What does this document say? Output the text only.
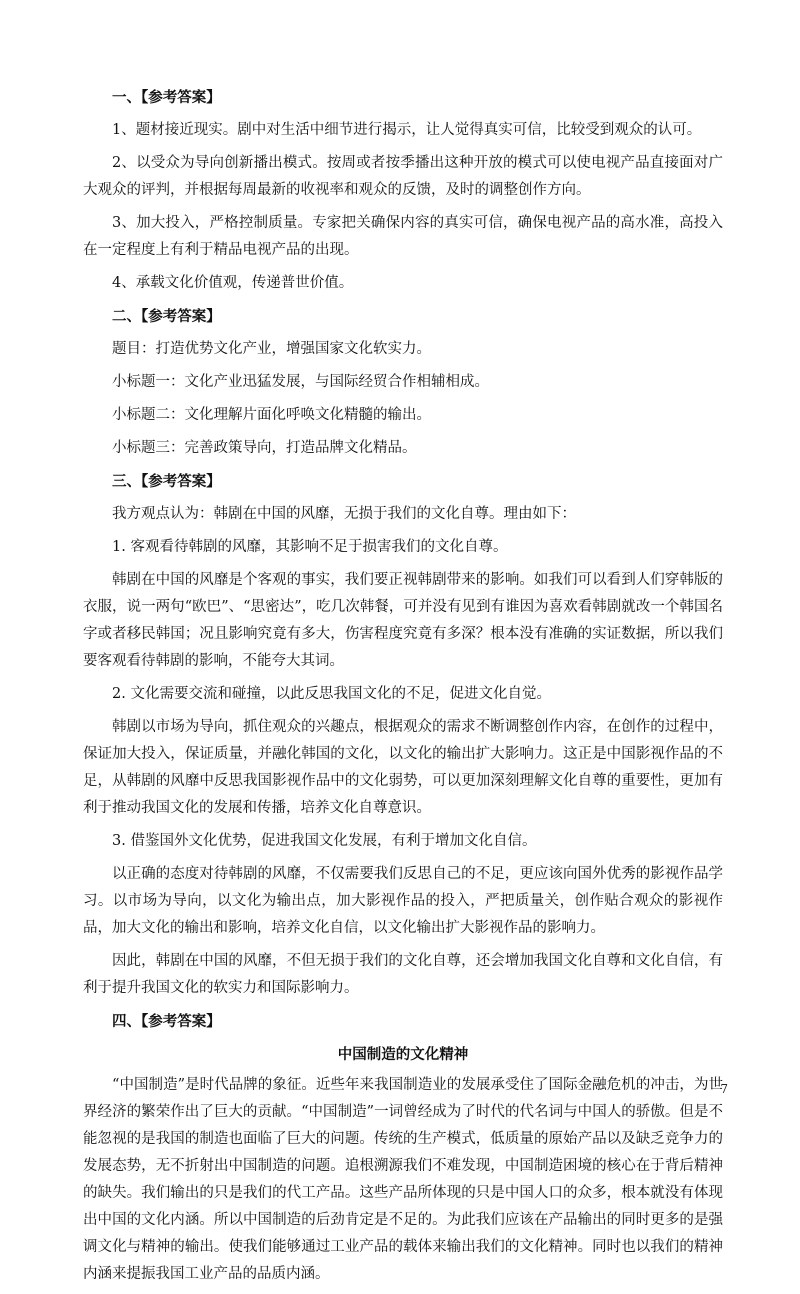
一、【参考答案】
1、题材接近现实。剧中对生活中细节进行揭示，让人觉得真实可信，比较受到观众的认可。
2、以受众为导向创新播出模式。按周或者按季播出这种开放的模式可以使电视产品直接面对广大观众的评判，并根据每周最新的收视率和观众的反馈，及时的调整创作方向。
3、加大投入，严格控制质量。专家把关确保内容的真实可信，确保电视产品的高水准，高投入在一定程度上有利于精品电视产品的出现。
4、承载文化价值观，传递普世价值。
二、【参考答案】
题目：打造优势文化产业，增强国家文化软实力。
小标题一：文化产业迅猛发展，与国际经贸合作相辅相成。
小标题二：文化理解片面化呼唤文化精髓的输出。
小标题三：完善政策导向，打造品牌文化精品。
三、【参考答案】
我方观点认为：韩剧在中国的风靡，无损于我们的文化自尊。理由如下：
1. 客观看待韩剧的风靡，其影响不足于损害我们的文化自尊。
韩剧在中国的风靡是个客观的事实，我们要正视韩剧带来的影响。如我们可以看到人们穿韩版的衣服，说一两句“欧巴”、“思密达”，吃几次韩餐，可并没有见到有谁因为喜欢看韩剧就改一个韩国名字或者移民韩国；况且影响究竟有多大，伤害程度究竟有多深？根本没有准确的实证数据，所以我们要客观看待韩剧的影响，不能夸大其词。
2. 文化需要交流和碰撞，以此反思我国文化的不足，促进文化自觉。
韩剧以市场为导向，抓住观众的兴趣点，根据观众的需求不断调整创作内容，在创作的过程中，保证加大投入，保证质量，并融化韩国的文化，以文化的输出扩大影响力。这正是中国影视作品的不足，从韩剧的风靡中反思我国影视作品中的文化弱势，可以更加深刻理解文化自尊的重要性，更加有利于推动我国文化的发展和传播，培养文化自尊意识。
3. 借鉴国外文化优势，促进我国文化发展，有利于增加文化自信。
以正确的态度对待韩剧的风靡，不仅需要我们反思自己的不足，更应该向国外优秀的影视作品学习。以市场为导向，以文化为输出点，加大影视作品的投入，严把质量关，创作贴合观众的影视作品，加大文化的输出和影响，培养文化自信，以文化输出扩大影视作品的影响力。
因此，韩剧在中国的风靡，不但无损于我们的文化自尊，还会增加我国文化自尊和文化自信，有利于提升我国文化的软实力和国际影响力。
四、【参考答案】
中国制造的文化精神
“中国制造”是时代品牌的象征。近些年来我国制造业的发展承受住了国际金融危机的冲击，为世界经济的繁荣作出了巨大的贡献。“中国制造”一词曾经成为了时代的代名词与中国人的骄傲。但是不能忽视的是我国的制造也面临了巨大的问题。传统的生产模式，低质量的原始产品以及缺乏竞争力的发展态势，无不折射出中国制造的问题。追根溯源我们不难发现，中国制造困境的核心在于背后精神的缺失。我们输出的只是我们的代工产品。这些产品所体现的只是中国人口的众多，根本就没有体现出中国的文化内涵。所以中国制造的后劲肯定是不足的。为此我们应该在产品输出的同时更多的是强调文化与精神的输出。使我们能够通过工业产品的载体来输出我们的文化精神。同时也以我们的精神内涵来提振我国工业产品的品质内涵。
7
